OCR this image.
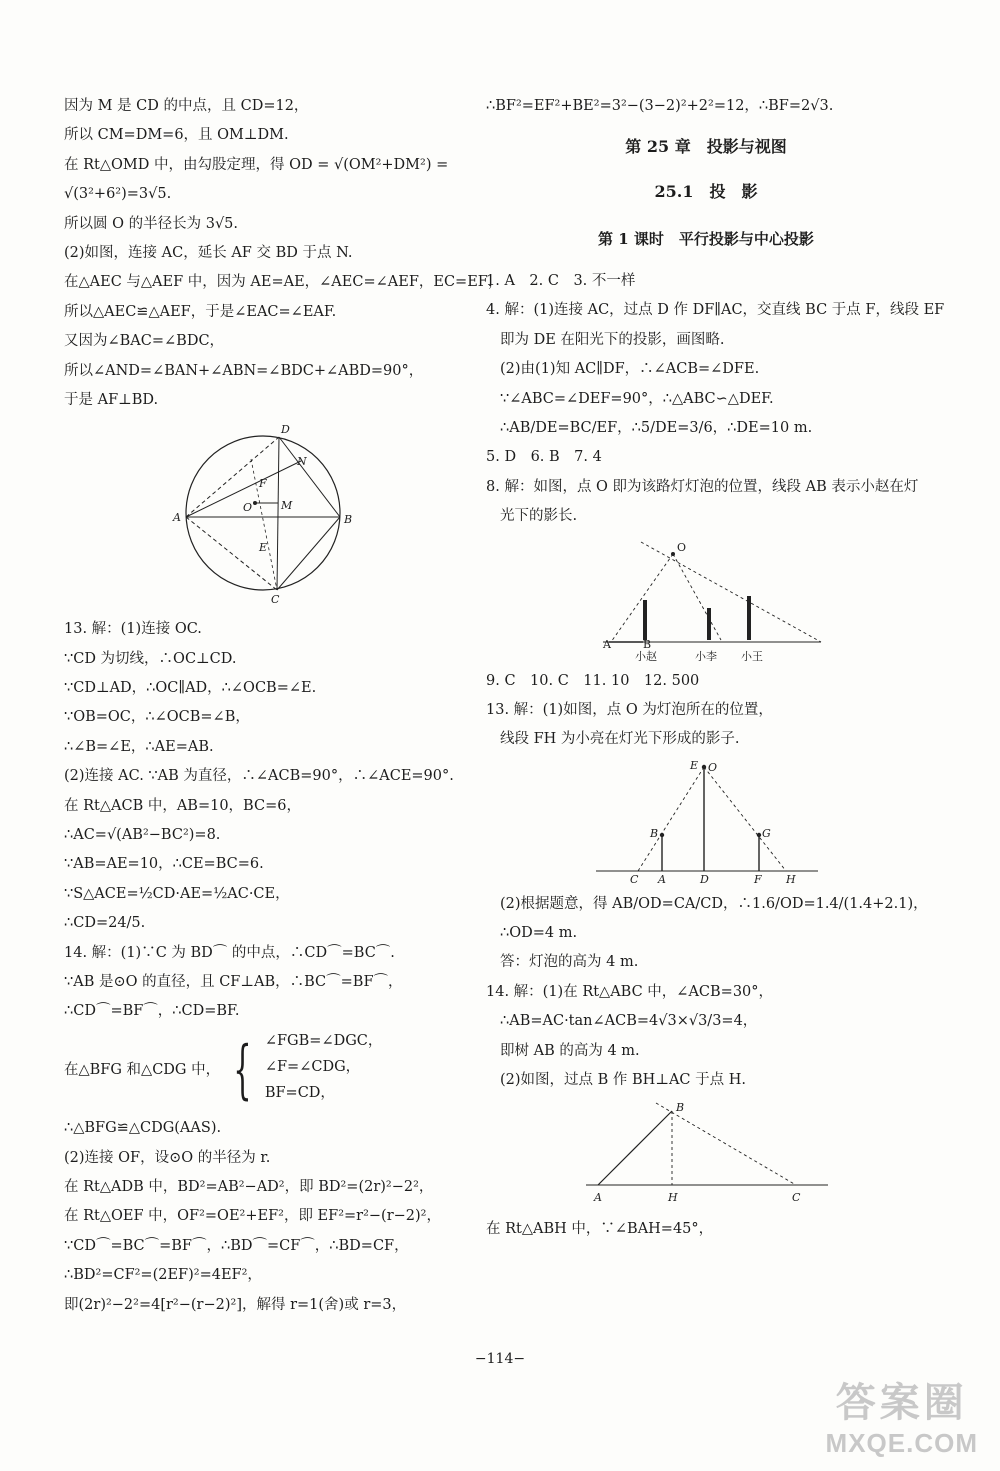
因为 M 是 CD 的中点，且 CD=12，
所以 CM=DM=6，且 OM⊥DM.
在 Rt△OMD 中，由勾股定理，得 OD = √(OM²+DM²) =
√(3²+6²)=3√5.
所以圆 O 的半径长为 3√5.
(2)如图，连接 AC，延长 AF 交 BD 于点 N.
在△AEC 与△AEF 中，因为 AE=AE，∠AEC=∠AEF，EC=EF，
所以△AEC≌△AEF，于是∠EAC=∠EAF.
又因为∠BAC=∠BDC，
所以∠AND=∠BAN+∠ABN=∠BDC+∠ABD=90°，
于是 AF⊥BD.
DN F O	M A	B EC
13. 解：(1)连接 OC.
∵CD 为切线，∴OC⊥CD.
∵CD⊥AD，∴OC∥AD，∴∠OCB=∠E.
∵OB=OC，∴∠OCB=∠B，
∴∠B=∠E，∴AE=AB.
(2)连接 AC. ∵AB 为直径，∴∠ACB=90°，∴∠ACE=90°.
在 Rt△ACB 中，AB=10，BC=6，
∴AC=√(AB²−BC²)=8.
∵AB=AE=10，∴CE=BC=6.
∵S△ACE=½CD·AE=½AC·CE，
∴CD=24/5.
14. 解：(1)∵C 为 BD⌒ 的中点，∴CD⌒=BC⌒.
∵AB 是⊙O 的直径，且 CF⊥AB，∴BC⌒=BF⌒，
∴CD⌒=BF⌒，∴CD=BF.
在△BFG 和△CDG 中， { ∠FGB=∠DGC，
∠F=∠CDG，
BF=CD，
∴△BFG≌△CDG(AAS).
(2)连接 OF，设⊙O 的半径为 r.
在 Rt△ADB 中，BD²=AB²−AD²，即 BD²=(2r)²−2²，
在 Rt△OEF 中，OF²=OE²+EF²，即 EF²=r²−(r−2)²，
∵CD⌒=BC⌒=BF⌒，∴BD⌒=CF⌒，∴BD=CF，
∴BD²=CF²=(2EF)²=4EF²，
即(2r)²−2²=4[r²−(r−2)²]，解得 r=1(舍)或 r=3，
∴BF²=EF²+BE²=3²−(3−2)²+2²=12，∴BF=2√3.
第 25 章　投影与视图
25.1　投　影
第 1 课时　平行投影与中心投影
1. A　2. C　3. 不一样
4. 解：(1)连接 AC，过点 D 作 DF∥AC，交直线 BC 于点 F，线段 EF
即为 DE 在阳光下的投影，画图略.
(2)由(1)知 AC∥DF，∴∠ACB=∠DFE.
∵∠ABC=∠DEF=90°，∴△ABC∽△DEF.
∴AB/DE=BC/EF，∴5/DE=3/6，∴DE=10 m.
5. D　6. B　7. 4
8. 解：如图，点 O 即为该路灯灯泡的位置，线段 AB 表示小赵在灯
光下的影长.
O A	B 小赵	小李 小王
9. C　10. C　11. 10　12. 500
13. 解：(1)如图，点 O 为灯泡所在的位置，
线段 FH 为小亮在灯光下形成的影子.
E O B	G C A	D	F H
(2)根据题意，得 AB/OD=CA/CD，∴1.6/OD=1.4/(1.4+2.1)，
∴OD=4 m.
答：灯泡的高为 4 m.
14. 解：(1)在 Rt△ABC 中，∠ACB=30°，
∴AB=AC·tan∠ACB=4√3×√3/3=4，
即树 AB 的高为 4 m.
(2)如图，过点 B 作 BH⊥AC 于点 H.
B A	H	C
在 Rt△ABH 中，∵∠BAH=45°，
−114−
答案圈
MXQE.COM
